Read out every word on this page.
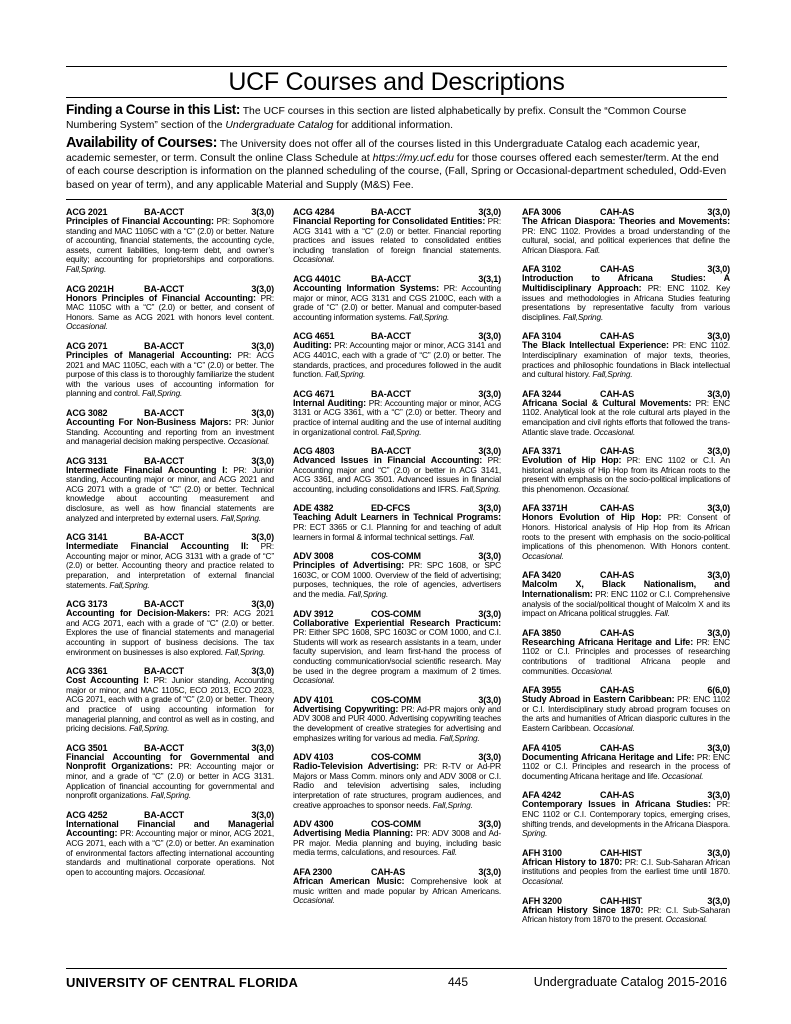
UCF Courses and Descriptions
Finding a Course in this List: The UCF courses in this section are listed alphabetically by prefix. Consult the “Common Course Numbering System” section of the Undergraduate Catalog for additional information.
Availability of Courses: The University does not offer all of the courses listed in this Undergraduate Catalog each academic year, academic semester, or term. Consult the online Class Schedule at https://my.ucf.edu for those courses offered each semester/term. At the end of each course description is information on the planned scheduling of the course, (Fall, Spring or Occasional-department scheduled, Odd-Even based on year of term), and any applicable Material and Supply (M&S) Fee.
ACG 2021	BA-ACCT	3(3,0)
Principles of Financial Accounting: PR: Sophomore standing and MAC 1105C with a “C” (2.0) or better. Nature of accounting, financial statements, the accounting cycle, assets, current liabilities, long-term debt, and owner’s equity; accounting for proprietorships and corporations. Fall,Spring.
ACG 2021H	BA-ACCT	3(3,0)
Honors Principles of Financial Accounting: PR: MAC 1105C with a “C” (2.0) or better, and consent of Honors. Same as ACG 2021 with honors level content. Occasional.
ACG 2071	BA-ACCT	3(3,0)
Principles of Managerial Accounting: PR: ACG 2021 and MAC 1105C, each with a “C” (2.0) or better. The purpose of this class is to thoroughly familiarize the student with the various uses of accounting information for planning and control. Fall,Spring.
ACG 3082	BA-ACCT	3(3,0)
Accounting For Non-Business Majors: PR: Junior Standing. Accounting and reporting from an investment and managerial decision making perspective. Occasional.
ACG 3131	BA-ACCT	3(3,0)
Intermediate Financial Accounting I: PR: Junior standing, Accounting major or minor, and ACG 2021 and ACG 2071 with a grade of “C” (2.0) or better. Technical knowledge about accounting measurement and disclosure, as well as how financial statements are analyzed and interpreted by external users. Fall,Spring.
ACG 3141	BA-ACCT	3(3,0)
Intermediate Financial Accounting II: PR: Accounting major or minor, ACG 3131 with a grade of “C” (2.0) or better. Accounting theory and practice related to preparation, and interpretation of external financial statements. Fall,Spring.
ACG 3173	BA-ACCT	3(3,0)
Accounting for Decision-Makers: PR: ACG 2021 and ACG 2071, each with a grade of “C” (2.0) or better. Explores the use of financial statements and managerial accounting in support of business decisions. The tax environment on businesses is also explored. Fall,Spring.
ACG 3361	BA-ACCT	3(3,0)
Cost Accounting I: PR: Junior standing, Accounting major or minor, and MAC 1105C, ECO 2013, ECO 2023, ACG 2071, each with a grade of “C” (2.0) or better. Theory and practice of using accounting information for managerial planning, and control as well as in costing, and pricing decisions. Fall,Spring.
ACG 3501	BA-ACCT	3(3,0)
Financial Accounting for Governmental and Nonprofit Organizations: PR: Accounting major or minor, and a grade of “C” (2.0) or better in ACG 3131. Application of financial accounting for governmental and nonprofit organizations. Fall,Spring.
ACG 4252	BA-ACCT	3(3,0)
International Financial and Managerial Accounting: PR: Accounting major or minor, ACG 2021, ACG 2071, each with a “C” (2.0) or better. An examination of environmental factors affecting international accounting standards and multinational corporate operations. Not open to accounting majors. Occasional.
ACG 4284	BA-ACCT	3(3,0)
Financial Reporting for Consolidated Entities: PR: ACG 3141 with a “C” (2.0) or better. Financial reporting practices and issues related to consolidated entities including translation of foreign financial statements. Occasional.
ACG 4401C	BA-ACCT	3(3,1)
Accounting Information Systems: PR: Accounting major or minor, ACG 3131 and CGS 2100C, each with a grade of “C” (2.0) or better. Manual and computer-based accounting information systems. Fall,Spring.
ACG 4651	BA-ACCT	3(3,0)
Auditing: PR: Accounting major or minor, ACG 3141 and ACG 4401C, each with a grade of “C” (2.0) or better. The standards, practices, and procedures followed in the audit function. Fall,Spring.
ACG 4671	BA-ACCT	3(3,0)
Internal Auditing: PR: Accounting major or minor, ACG 3131 or ACG 3361, with a “C” (2.0) or better. Theory and practice of internal auditing and the use of internal auditing in organizational control. Fall,Spring.
ACG 4803	BA-ACCT	3(3,0)
Advanced Issues in Financial Accounting: PR: Accounting major and “C” (2.0) or better in ACG 3141, ACG 3361, and ACG 3501. Advanced issues in financial accounting, including consolidations and IFRS. Fall,Spring.
ADE 4382	ED-CFCS	3(3,0)
Teaching Adult Learners in Technical Programs: PR: ECT 3365 or C.I. Planning for and teaching of adult learners in formal & informal technical settings. Fall.
ADV 3008	COS-COMM	3(3,0)
Principles of Advertising: PR: SPC 1608, or SPC 1603C, or COM 1000. Overview of the field of advertising; purposes, techniques, the role of agencies, advertisers and the media. Fall,Spring.
ADV 3912	COS-COMM	3(3,0)
Collaborative Experiential Research Practicum: PR: Either SPC 1608, SPC 1603C or COM 1000, and C.I. Students will work as research assistants in a team, under faculty supervision, and learn first-hand the process of conducting communication/social scientific research. May be used in the degree program a maximum of 2 times. Occasional.
ADV 4101	COS-COMM	3(3,0)
Advertising Copywriting: PR: Ad-PR majors only and ADV 3008 and PUR 4000. Advertising copywriting teaches the development of creative strategies for advertising and emphasizes writing for various ad media. Fall,Spring.
ADV 4103	COS-COMM	3(3,0)
Radio-Television Advertising: PR: R-TV or Ad-PR Majors or Mass Comm. minors only and ADV 3008 or C.I. Radio and television advertising sales, including interpretation of rate structures, program audiences, and creative approaches to sponsor needs. Fall,Spring.
ADV 4300	COS-COMM	3(3,0)
Advertising Media Planning: PR: ADV 3008 and Ad-PR major. Media planning and buying, including basic media terms, calculations, and resources. Fall.
AFA 2300	CAH-AS	3(3,0)
African American Music: Comprehensive look at music written and made popular by African Americans. Occasional.
AFA 3006	CAH-AS	3(3,0)
The African Diaspora: Theories and Movements: PR: ENC 1102. Provides a broad understanding of the cultural, social, and political experiences that define the African Diaspora. Fall.
AFA 3102	CAH-AS	3(3,0)
Introduction to Africana Studies: A Multidisciplinary Approach: PR: ENC 1102. Key issues and methodologies in Africana Studies featuring presentations by representative faculty from various disciplines. Fall,Spring.
AFA 3104	CAH-AS	3(3,0)
The Black Intellectual Experience: PR: ENC 1102. Interdisciplinary examination of major texts, theories, practices and philosophic foundations in Black intellectual and cultural history. Fall,Spring.
AFA 3244	CAH-AS	3(3,0)
Africana Social & Cultural Movements: PR: ENC 1102. Analytical look at the role cultural arts played in the emancipation and civil rights efforts that followed the trans-Atlantic slave trade. Occasional.
AFA 3371	CAH-AS	3(3,0)
Evolution of Hip Hop: PR: ENC 1102 or C.I. An historical analysis of Hip Hop from its African roots to the present with emphasis on the socio-political implications of this phenomenon. Occasional.
AFA 3371H	CAH-AS	3(3,0)
Honors Evolution of Hip Hop: PR: Consent of Honors. Historical analysis of Hip Hop from its African roots to the present with emphasis on the socio-political implications of this phenomenon. With Honors content. Occasional.
AFA 3420	CAH-AS	3(3,0)
Malcolm X, Black Nationalism, and Internationalism: PR: ENC 1102 or C.I. Comprehensive analysis of the social/political thought of Malcolm X and its impact on Africana political struggles. Fall.
AFA 3850	CAH-AS	3(3,0)
Researching Africana Heritage and Life: PR: ENC 1102 or C.I. Principles and processes of researching contributions of traditional Africana people and communities. Occasional.
AFA 3955	CAH-AS	6(6,0)
Study Abroad in Eastern Caribbean: PR: ENC 1102 or C.I. Interdisciplinary study abroad program focuses on the arts and humanities of African diasporic cultures in the Eastern Caribbean. Occasional.
AFA 4105	CAH-AS	3(3,0)
Documenting Africana Heritage and Life: PR: ENC 1102 or C.I. Principles and research in the process of documenting Africana heritage and life. Occasional.
AFA 4242	CAH-AS	3(3,0)
Contemporary Issues in Africana Studies: PR: ENC 1102 or C.I. Contemporary topics, emerging crises, shifting trends, and developments in the Africana Diaspora. Spring.
AFH 3100	CAH-HIST	3(3,0)
African History to 1870: PR: C.I. Sub-Saharan African institutions and peoples from the earliest time until 1870. Occasional.
AFH 3200	CAH-HIST	3(3,0)
African History Since 1870: PR: C.I. Sub-Saharan African history from 1870 to the present. Occasional.
UNIVERSITY OF CENTRAL FLORIDA	445	Undergraduate Catalog 2015-2016
